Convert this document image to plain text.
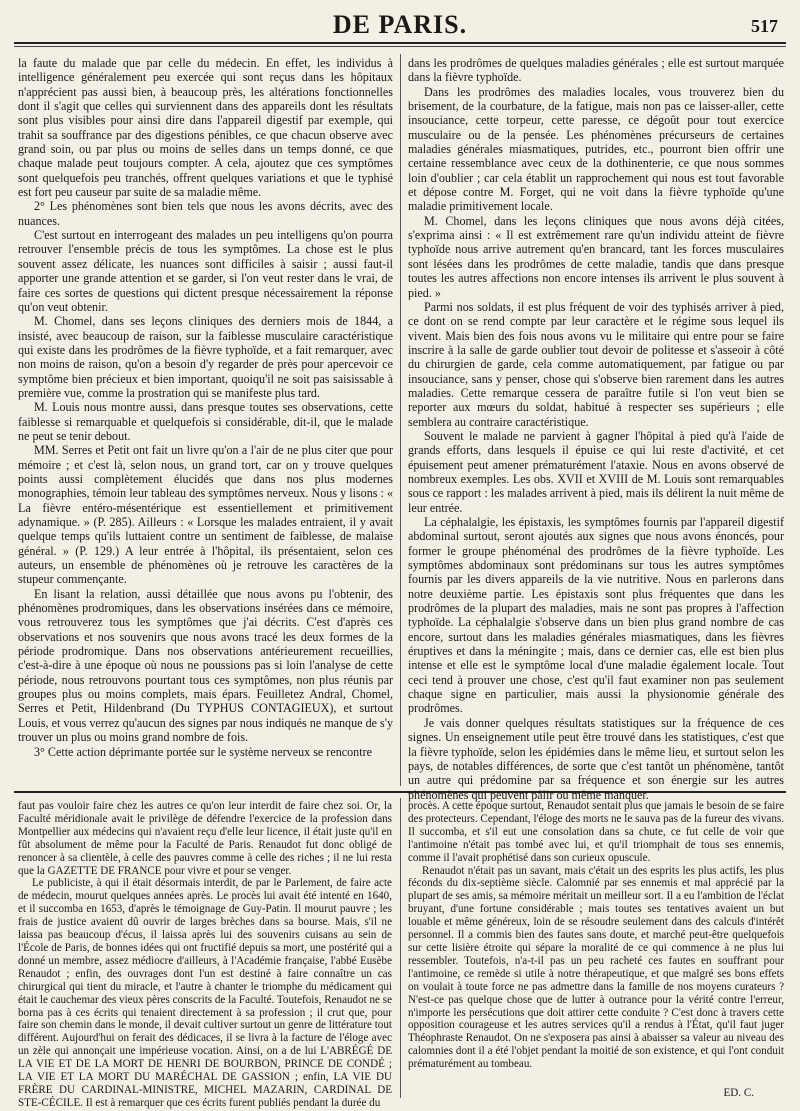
DE PARIS.	517

la faute du malade que par celle du médecin. En effet, les individus à intelligence généralement peu exercée qui sont reçus dans les hôpitaux n'apprécient pas aussi bien, à beaucoup près, les altérations fonctionnelles dont il s'agit que celles qui surviennent dans des appareils dont les résultats sont plus visibles pour ainsi dire dans l'appareil digestif par exemple, qui trahit sa souffrance par des digestions pénibles, ce que chacun observe avec grand soin, ou par plus ou moins de selles dans un temps donné, ce que chaque malade peut toujours compter. A cela, ajoutez que ces symptômes sont quelquefois peu tranchés, offrent quelques variations et que le typhisé est fort peu causeur par suite de sa maladie même.

2° Les phénomènes sont bien tels que nous les avons décrits, avec des nuances.

C'est surtout en interrogeant des malades un peu intelligens qu'on pourra retrouver l'ensemble précis de tous les symptômes. La chose est le plus souvent assez délicate, les nuances sont difficiles à saisir ; aussi faut-il apporter une grande attention et se garder, si l'on veut rester dans le vrai, de faire ces sortes de questions qui dictent presque nécessairement la réponse qu'on veut obtenir.

M. Chomel, dans ses leçons cliniques des derniers mois de 1844, a insisté, avec beaucoup de raison, sur la faiblesse musculaire caractéristique qui existe dans les prodrômes de la fièvre typhoïde, et a fait remarquer, avec non moins de raison, qu'on a besoin d'y regarder de près pour apercevoir ce symptôme bien précieux et bien important, quoiqu'il ne soit pas saisissable à première vue, comme la prostration qui se manifeste plus tard.

M. Louis nous montre aussi, dans presque toutes ses observations, cette faiblesse si remarquable et quelquefois si considérable, dit-il, que le malade ne peut se tenir debout.

MM. Serres et Petit ont fait un livre qu'on a l'air de ne plus citer que pour mémoire ; et c'est là, selon nous, un grand tort, car on y trouve quelques points aussi complètement élucidés que dans nos plus modernes monographies, témoin leur tableau des symptômes nerveux. Nous y lisons : « La fièvre entéro-mésentérique est essentiellement et primitivement adynamique. » (P. 285). Ailleurs : « Lorsque les malades entraient, il y avait quelque temps qu'ils luttaient contre un sentiment de faiblesse, de malaise général. » (P. 129.) A leur entrée à l'hôpital, ils présentaient, selon ces auteurs, un ensemble de phénomènes où je retrouve les caractères de la stupeur commençante.

En lisant la relation, aussi détaillée que nous avons pu l'obtenir, des phénomènes prodromiques, dans les observations insérées dans ce mémoire, vous retrouverez tous les symptômes que j'ai décrits. C'est d'après ces observations et nos souvenirs que nous avons tracé les deux formes de la période prodromique. Dans nos observations antérieurement recueillies, c'est-à-dire à une époque où nous ne poussions pas si loin l'analyse de cette période, nous retrouvons pourtant tous ces symptômes, non plus réunis par groupes plus ou moins complets, mais épars. Feuilletez Andral, Chomel, Serres et Petit, Hildenbrand (Du TYPHUS CONTAGIEUX), et surtout Louis, et vous verrez qu'aucun des signes par nous indiqués ne manque de s'y trouver un plus ou moins grand nombre de fois.

3° Cette action déprimante portée sur le système nerveux se rencontre

dans les prodrômes de quelques maladies générales ; elle est surtout marquée dans la fièvre typhoïde.

Dans les prodrômes des maladies locales, vous trouverez bien du brisement, de la courbature, de la fatigue, mais non pas ce laisser-aller, cette insouciance, cette torpeur, cette paresse, ce dégoût pour tout exercice musculaire ou de la pensée. Les phénomènes précurseurs de certaines maladies générales miasmatiques, putrides, etc., pourront bien offrir une certaine ressemblance avec ceux de la dothinenterie, ce que nous sommes loin d'oublier ; car cela établit un rapprochement qui nous est tout favorable et dépose contre M. Forget, qui ne voit dans la fièvre typhoïde qu'une maladie primitivement locale.

M. Chomel, dans les leçons cliniques que nous avons déjà citées, s'exprima ainsi : « Il est extrêmement rare qu'un individu atteint de fièvre typhoïde nous arrive autrement qu'en brancard, tant les forces musculaires sont lésées dans les prodrômes de cette maladie, tandis que dans presque toutes les autres affections non encore intenses ils arrivent le plus souvent à pied. »

Parmi nos soldats, il est plus fréquent de voir des typhisés arriver à pied, ce dont on se rend compte par leur caractère et le régime sous lequel ils vivent. Mais bien des fois nous avons vu le militaire qui entre pour se faire inscrire à la salle de garde oublier tout devoir de politesse et s'asseoir à côté du chirurgien de garde, cela comme automatiquement, par fatigue ou par insouciance, sans y penser, chose qui s'observe bien rarement dans les autres maladies. Cette remarque cessera de paraître futile si l'on veut bien se reporter aux mœurs du soldat, habitué à respecter ses supérieurs ; elle semblera au contraire caractéristique.

Souvent le malade ne parvient à gagner l'hôpital à pied qu'à l'aide de grands efforts, dans lesquels il épuise ce qui lui reste d'activité, et cet épuisement peut amener prématurément l'ataxie. Nous en avons observé de nombreux exemples. Les obs. XVII et XVIII de M. Louis sont remarquables sous ce rapport : les malades arrivent à pied, mais ils délirent la nuit même de leur entrée.

La céphalalgie, les épistaxis, les symptômes fournis par l'appareil digestif abdominal surtout, seront ajoutés aux signes que nous avons énoncés, pour former le groupe phénoménal des prodrômes de la fièvre typhoïde. Les symptômes abdominaux sont prédominans sur tous les autres symptômes fournis par les divers appareils de la vie nutritive. Nous en parlerons dans notre deuxième partie. Les épistaxis sont plus fréquentes que dans les prodrômes de la plupart des maladies, mais ne sont pas propres à l'affection typhoïde. La céphalalgie s'observe dans un bien plus grand nombre de cas encore, surtout dans les maladies générales miasmatiques, dans les fièvres éruptives et dans la méningite ; mais, dans ce dernier cas, elle est bien plus intense et elle est le symptôme local d'une maladie également locale. Tout ceci tend à prouver une chose, c'est qu'il faut examiner non pas seulement chaque signe en particulier, mais aussi la physionomie générale des prodrômes.

Je vais donner quelques résultats statistiques sur la fréquence de ces signes. Un enseignement utile peut être trouvé dans les statistiques, c'est que la fièvre typhoïde, selon les épidémies dans le même lieu, et surtout selon les pays, de notables différences, de sorte que c'est tantôt un phénomène, tantôt un autre qui prédomine par sa fréquence et son énergie sur les autres phénomènes qui peuvent pâlir ou même manquer.

faut pas vouloir faire chez les autres ce qu'on leur interdit de faire chez soi. Or, la Faculté méridionale avait le privilège de défendre l'exercice de la profession dans Montpellier aux médecins qui n'avaient reçu d'elle leur licence, il était juste qu'il en fût absolument de même pour la Faculté de Paris. Renaudot fut donc obligé de renoncer à sa clientèle, à celle des pauvres comme à celle des riches ; il ne lui resta que la GAZETTE DE FRANCE pour vivre et pour se venger.

Le publiciste, à qui il était désormais interdit, de par le Parlement, de faire acte de médecin, mourut quelques années après. Le procès lui avait été intenté en 1640, et il succomba en 1653, d'après le témoignage de Guy-Patin. Il mourut pauvre ; les frais de justice avaient dû ouvrir de larges brèches dans sa bourse. Mais, s'il ne laissa pas beaucoup d'écus, il laissa après lui des souvenirs cuisans au sein de l'École de Paris, de bonnes idées qui ont fructifié depuis sa mort, une postérité qui a donné un membre, assez médiocre d'ailleurs, à l'Académie française, l'abbé Eusèbe Renaudot ; enfin, des ouvrages dont l'un est destiné à faire connaître un cas chirurgical qui tient du miracle, et l'autre à chanter le triomphe du médicament qui était le cauchemar des vieux pères conscrits de la Faculté. Toutefois, Renaudot ne se borna pas à ces écrits qui tenaient directement à sa profession ; il crut que, pour faire son chemin dans le monde, il devait cultiver surtout un genre de littérature tout différent. Aujourd'hui on ferait des dédicaces, il se livra à la facture de l'éloge avec un zèle qui annonçait une impérieuse vocation. Ainsi, on a de lui L'ABRÉGÉ DE LA VIE ET DE LA MORT DE HENRI DE BOURBON, PRINCE DE CONDÉ ; LA VIE ET LA MORT DU MARÉCHAL DE GASSION ; enfin, LA VIE DU FRÈRE DU CARDINAL-MINISTRE, MICHEL MAZARIN, CARDINAL DE STE-CÉCILE. Il est à remarquer que ces écrits furent publiés pendant la durée du

procès. A cette époque surtout, Renaudot sentait plus que jamais le besoin de se faire des protecteurs. Cependant, l'éloge des morts ne le sauva pas de la fureur des vivans. Il succomba, et s'il eut une consolation dans sa chute, ce fut celle de voir que l'antimoine n'était pas tombé avec lui, et qu'il triomphait de tous ses ennemis, comme il l'avait prophétisé dans son curieux opuscule.

Renaudot n'était pas un savant, mais c'était un des esprits les plus actifs, les plus féconds du dix-septième siècle. Calomnié par ses ennemis et mal apprécié par la plupart de ses amis, sa mémoire méritait un meilleur sort. Il a eu l'ambition de l'éclat bruyant, d'une fortune considérable ; mais toutes ses tentatives avaient un but louable et même généreux, loin de se résoudre seulement dans des calculs d'intérêt personnel. Il a commis bien des fautes sans doute, et marché peut-être quelquefois sur cette lisière étroite qui sépare la moralité de ce qui commence à ne plus lui ressembler. Toutefois, n'a-t-il pas un peu racheté ces fautes en souffrant pour l'antimoine, ce remède si utile à notre thérapeutique, et que malgré ses bons effets on voulait à toute force ne pas admettre dans la famille de nos moyens curateurs ? N'est-ce pas quelque chose que de lutter à outrance pour la vérité contre l'erreur, n'importe les persécutions que doit attirer cette conduite ? C'est donc à travers cette opposition courageuse et les autres services qu'il a rendus à l'État, qu'il faut juger Théophraste Renaudot. On ne s'exposera pas ainsi à abaisser sa valeur au niveau des calomnies dont il a été l'objet pendant la moitié de son existence, et qui l'ont conduit prématurément au tombeau.

ED. C.
